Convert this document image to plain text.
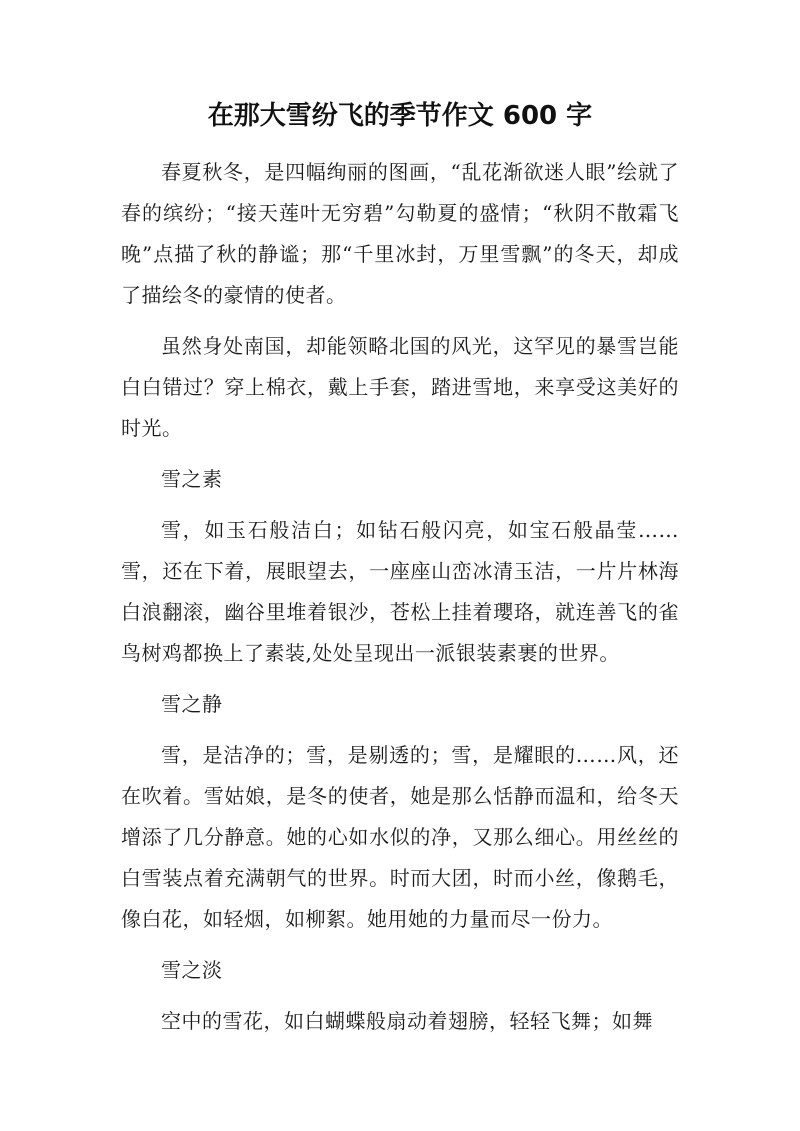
在那大雪纷飞的季节作文 600 字

春夏秋冬，是四幅绚丽的图画，“乱花渐欲迷人眼”绘就了春的缤纷；“接天莲叶无穷碧”勾勒夏的盛情；“秋阴不散霜飞晚”点描了秋的静谧；那“千里冰封，万里雪飘”的冬天，却成了描绘冬的豪情的使者。

虽然身处南国，却能领略北国的风光，这罕见的暴雪岂能白白错过？穿上棉衣，戴上手套，踏进雪地，来享受这美好的时光。

雪之素

雪，如玉石般洁白；如钻石般闪亮，如宝石般晶莹……雪，还在下着，展眼望去，一座座山峦冰清玉洁，一片片林海白浪翻滚，幽谷里堆着银沙，苍松上挂着瓔珞，就连善飞的雀鸟树鸡都换上了素装,处处呈现出一派银装素裹的世界。

雪之静

雪，是洁净的；雪，是剔透的；雪，是耀眼的……风，还在吹着。雪姑娘，是冬的使者，她是那么恬静而温和，给冬天增添了几分静意。她的心如水似的净，又那么细心。用丝丝的白雪装点着充满朝气的世界。时而大团，时而小丝，像鹅毛，像白花，如轻烟，如柳絮。她用她的力量而尽一份力。

雪之淡

空中的雪花，如白蝴蝶般扇动着翅膀，轻轻飞舞；如舞
